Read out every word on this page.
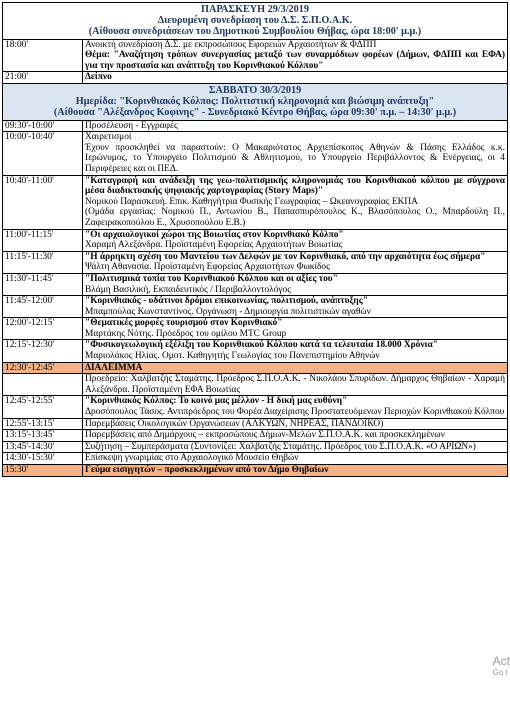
ΠΑΡΑΣΚΕΥΗ 29/3/2019
Διευρυμένη συνεδρίαση του Δ.Σ. Σ.Π.Ο.Α.Κ.
(Αίθουσα συνεδριάσεων του Δημοτικού Συμβουλίου Θήβας, ώρα 18:00' μ.μ.)	

18:00'	Ανοικτή συνεδρίαση Δ.Σ. με εκπροσώπους Εφορειών Αρχαιοτήτων & ΦΔΠΠ
Θέμα: "Αναζήτηση τρόπων συνεργασίας μεταξύ των συναρμόδιων φορέων (Δήμων, ΦΔΠΠ και ΕΦΑ) για την προστασία και ανάπτυξη του Κορινθιακού Κόλπου"

21:00'	Δείπνο

ΣΑΒΒΑΤΟ 30/3/2019
Ημερίδα: "Κορινθιακός Κόλπος: Πολιτιστική κληρονομιά και βιώσιμη ανάπτυξη"
(Αίθουσα "Αλέξανδρος Κοφινης" - Συνεδριακό Κέντρο Θήβας, ώρα 09:30' π.μ. – 14:30' μ.μ.)	

09:30'-10:00'	Προσέλευση - Εγγραφές
10:00'-10:40'	Χαιρετισμοί
Έχουν προσκληθεί να παραστούν: Ο Μακαριότατος Αρχιεπίσκοπος Αθηνών & Πάσης Ελλάδος κ.κ. Ιερώνυμος, το Υπουργείο Πολιτισμού & Αθλητισμού, το Υπουργείο Περιβάλλοντος & Ενέργειας, οι 4 Περιφέρειες και οι ΠΕΔ.

10:40'-11:00'	"Καταγραφή και ανάδειξη της γεω-πολιτισμικής κληρονομιάς του Κορινθιακού κόλπου με σύγχρονα μέσα διαδικτυακής ψηφιακής χαρτογραφίας (Story Maps)"
Νομικού Παρασκευή. Επικ. Καθηγήτρια Φυσικής Γεωγραφίας – Ωκεανογραφίας ΕΚΠΑ
(Ομάδα εργασίας: Νομικού Π., Αντωνίου Β., Παπασπυρόπουλος Κ., Βλασόπουλος Ο., Μπαρδούλη Π., Ζαφειρακοπούλου Ε., Χρυσοπούλου Ε.Β.)

11:00'-11:15'	"Οι αρχαιολογικοί χώροι της Βοιωτίας στον Κορινθιακό Κόλπο"
Χαραμή Αλεξάνδρα. Προϊσταμένη Εφορείας Αρχαιοτήτων Βοιωτίας

11:15'-11:30'	"Η άρρηκτη σχέση του Μαντείου των Δελφών με τον Κορινθιακό, από την αρχαιότητα έως σήμερα"
Ψάλτη Αθανασία. Προϊσταμένη Εφορείας Αρχαιοτήτων Φωκίδος

11:30'-11:45'	"Πολιτισμικά τοπία του Κορινθιακού Κόλπου και οι αξίες του"
Βλάμη Βασιλική, Εκπαιδευτικός / Περιβαλλοντολόγος

11:45'-12:00'	"Κορινθιακός - υδάτινοι δρόμοι επικοινωνίας, πολιτισμού, ανάπτυξης"
Μπαμπούλας Κωνσταντίνος. Οργάνωση - Δημιουργία πολιτιστικών αγαθών

12:00'-12:15'	"Θεματικές μορφές τουρισμού στον Κορινθιακό"
Μαρτάκης Νότης. Πρόεδρος του ομίλου MTC Group

12:15'-12:30'	"Φυσικογεωλογική εξέλιξη του Κορινθιακού Κόλπου κατά τα τελευταία 18.000 Χρόνια"
Μαριολάκος Ηλίας. Ομοτ. Καθηγητής Γεωλογίας του Πανεπιστημίου Αθηνών

12:30'-12:45'	ΔΙΑΛΕΙΜΜΑ
	Προεδρείο: Χαλβατζής Σταμάτης. Πρόεδρος Σ.Π.Ο.Α.Κ. - Νικολάου Σπυρίδων. Δήμαρχος Θηβαίων - Χαραμή Αλεξάνδρα. Προϊσταμένη ΕΦΑ Βοιωτίας
12:45'-12:55'	"Κορινθιακός Κόλπος: Το κοινό μας μέλλον - Η δική μας ευθύνη"
Δροσόπουλος Τάσος. Αντιπρόεδρος του Φορέα Διαχείρισης Προστατευόμενων Περιοχών Κορινθιακού Κόλπου

12:55'-13:15'	Παρεμβάσεις Οικολογικών Οργανώσεων (ΑΛΚΥΩΝ, ΝΗΡΕΑΣ, ΠΑΝΔΟΙΚΟ)
13:15'-13:45'	Παρεμβάσεις από Δημάρχους – εκπροσώπους Δήμων-Μελών Σ.Π.Ο.Α.Κ. και προσκεκλημένων
13:45'-14:30'	Συζήτηση – Συμπεράσματα (Συντονίζει: Χαλβατζής Σταμάτης. Πρόεδρος του Σ.Π.Ο.Α.Κ. «Ο ΑΡΙΩΝ»)
14:30'-15:30'	Επίσκεψη γνωριμίας στο Αρχαιολογικό Μουσείο Θηβών
15:30'	Γεύμα εισηγητών – προσκεκλημένων από τον Δήμο Θηβαίων
Act
Go t
